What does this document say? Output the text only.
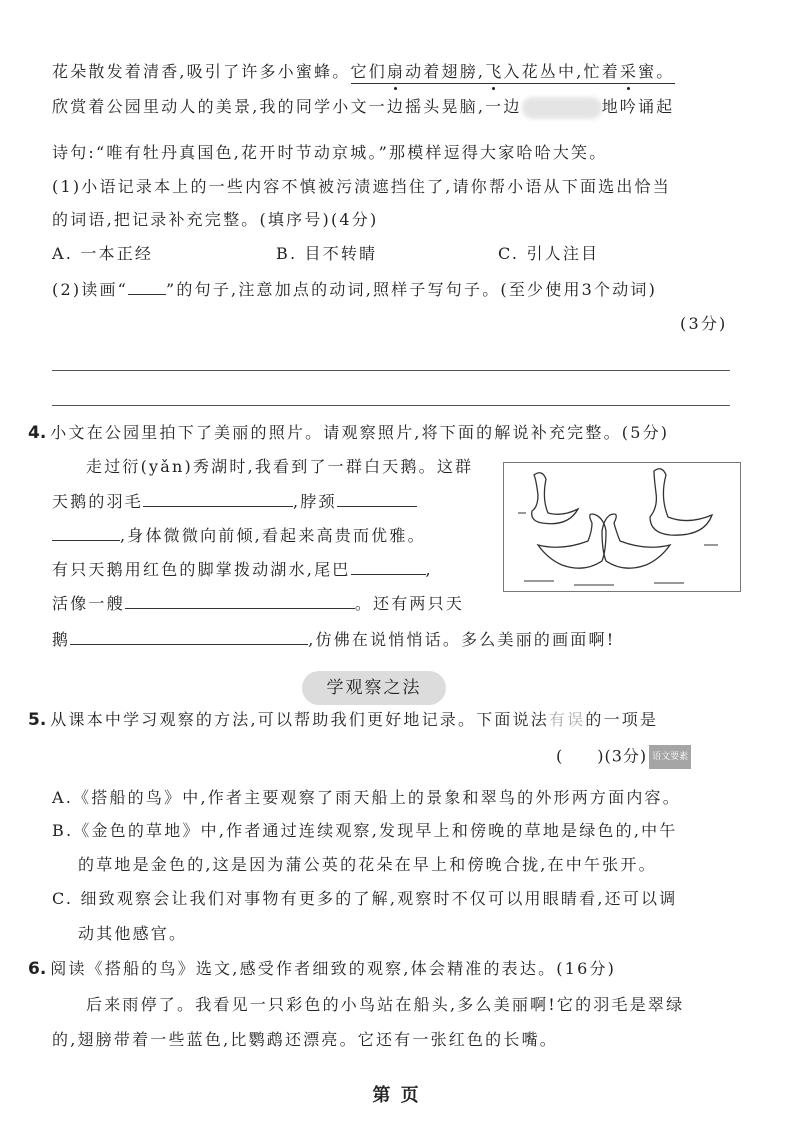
花朵散发着清香,吸引了许多小蜜蜂。它们扇动着翅膀,飞入花丛中,忙着采蜜。
欣赏着公园里动人的美景,我的同学小文一边摇头晃脑,一边	地吟诵起
诗句:“唯有牡丹真国色,花开时节动京城。”那模样逗得大家哈哈大笑。
(1)小语记录本上的一些内容不慎被污渍遮挡住了,请你帮小语从下面选出恰当
的词语,把记录补充完整。(填序号)(4分)
A. 一本正经	B. 目不转睛	C. 引人注目
(2)读画“ ”的句子,注意加点的动词,照样子写句子。(至少使用3个动词)
(3分)
4. 小文在公园里拍下了美丽的照片。请观察照片,将下面的解说补充完整。(5分)
走过衍(yǎn)秀湖时,我看到了一群白天鹅。这群
天鹅的羽毛	,脖颈
,身体微微向前倾,看起来高贵而优雅。
有只天鹅用红色的脚掌拨动湖水,尾巴	,
活像一艘	。还有两只天
鹅	,仿佛在说悄悄话。多么美丽的画面啊!
学观察之法
5. 从课本中学习观察的方法,可以帮助我们更好地记录。下面说法有误的一项是
(　　)(3分) 语文要素
A.《搭船的鸟》中,作者主要观察了雨天船上的景象和翠鸟的外形两方面内容。
B.《金色的草地》中,作者通过连续观察,发现早上和傍晚的草地是绿色的,中午
的草地是金色的,这是因为蒲公英的花朵在早上和傍晚合拢,在中午张开。
C. 细致观察会让我们对事物有更多的了解,观察时不仅可以用眼睛看,还可以调
动其他感官。
6. 阅读《搭船的鸟》选文,感受作者细致的观察,体会精准的表达。(16分)
后来雨停了。我看见一只彩色的小鸟站在船头,多么美丽啊!它的羽毛是翠绿
的,翅膀带着一些蓝色,比鹦鹉还漂亮。它还有一张红色的长嘴。
第 页
